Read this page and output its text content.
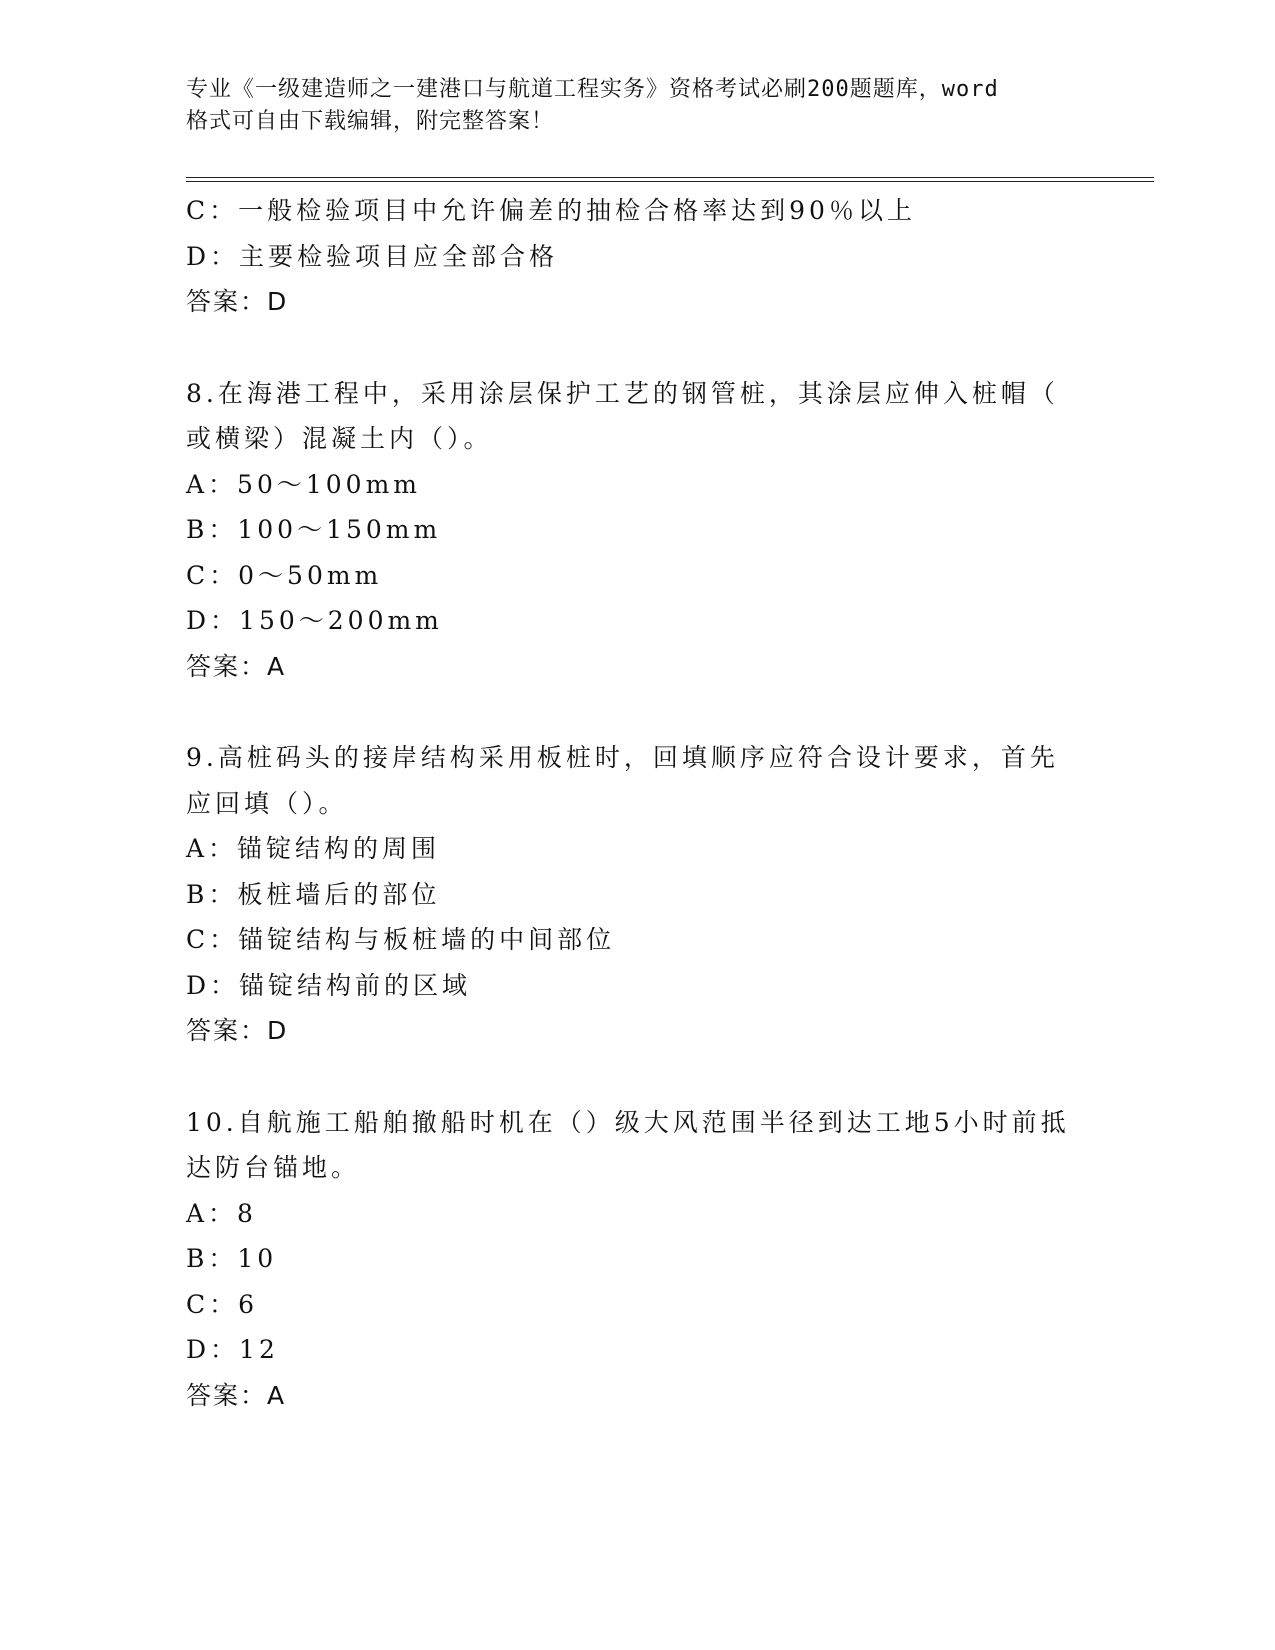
专业《一级建造师之一建港口与航道工程实务》资格考试必刷200题题库，word
格式可自由下载编辑，附完整答案！
C：一般检验项目中允许偏差的抽检合格率达到90％以上
D：主要检验项目应全部合格
答案：D
8.在海港工程中，采用涂层保护工艺的钢管桩，其涂层应伸入桩帽（
或横梁）混凝土内（）。
A：50～100mm
B：100～150mm
C：0～50mm
D：150～200mm
答案：A
9.高桩码头的接岸结构采用板桩时，回填顺序应符合设计要求，首先
应回填（）。
A：锚锭结构的周围
B：板桩墙后的部位
C：锚锭结构与板桩墙的中间部位
D：锚锭结构前的区域
答案：D
10.自航施工船舶撤船时机在（）级大风范围半径到达工地5小时前抵
达防台锚地。
A：8
B：10
C：6
D：12
答案：A
